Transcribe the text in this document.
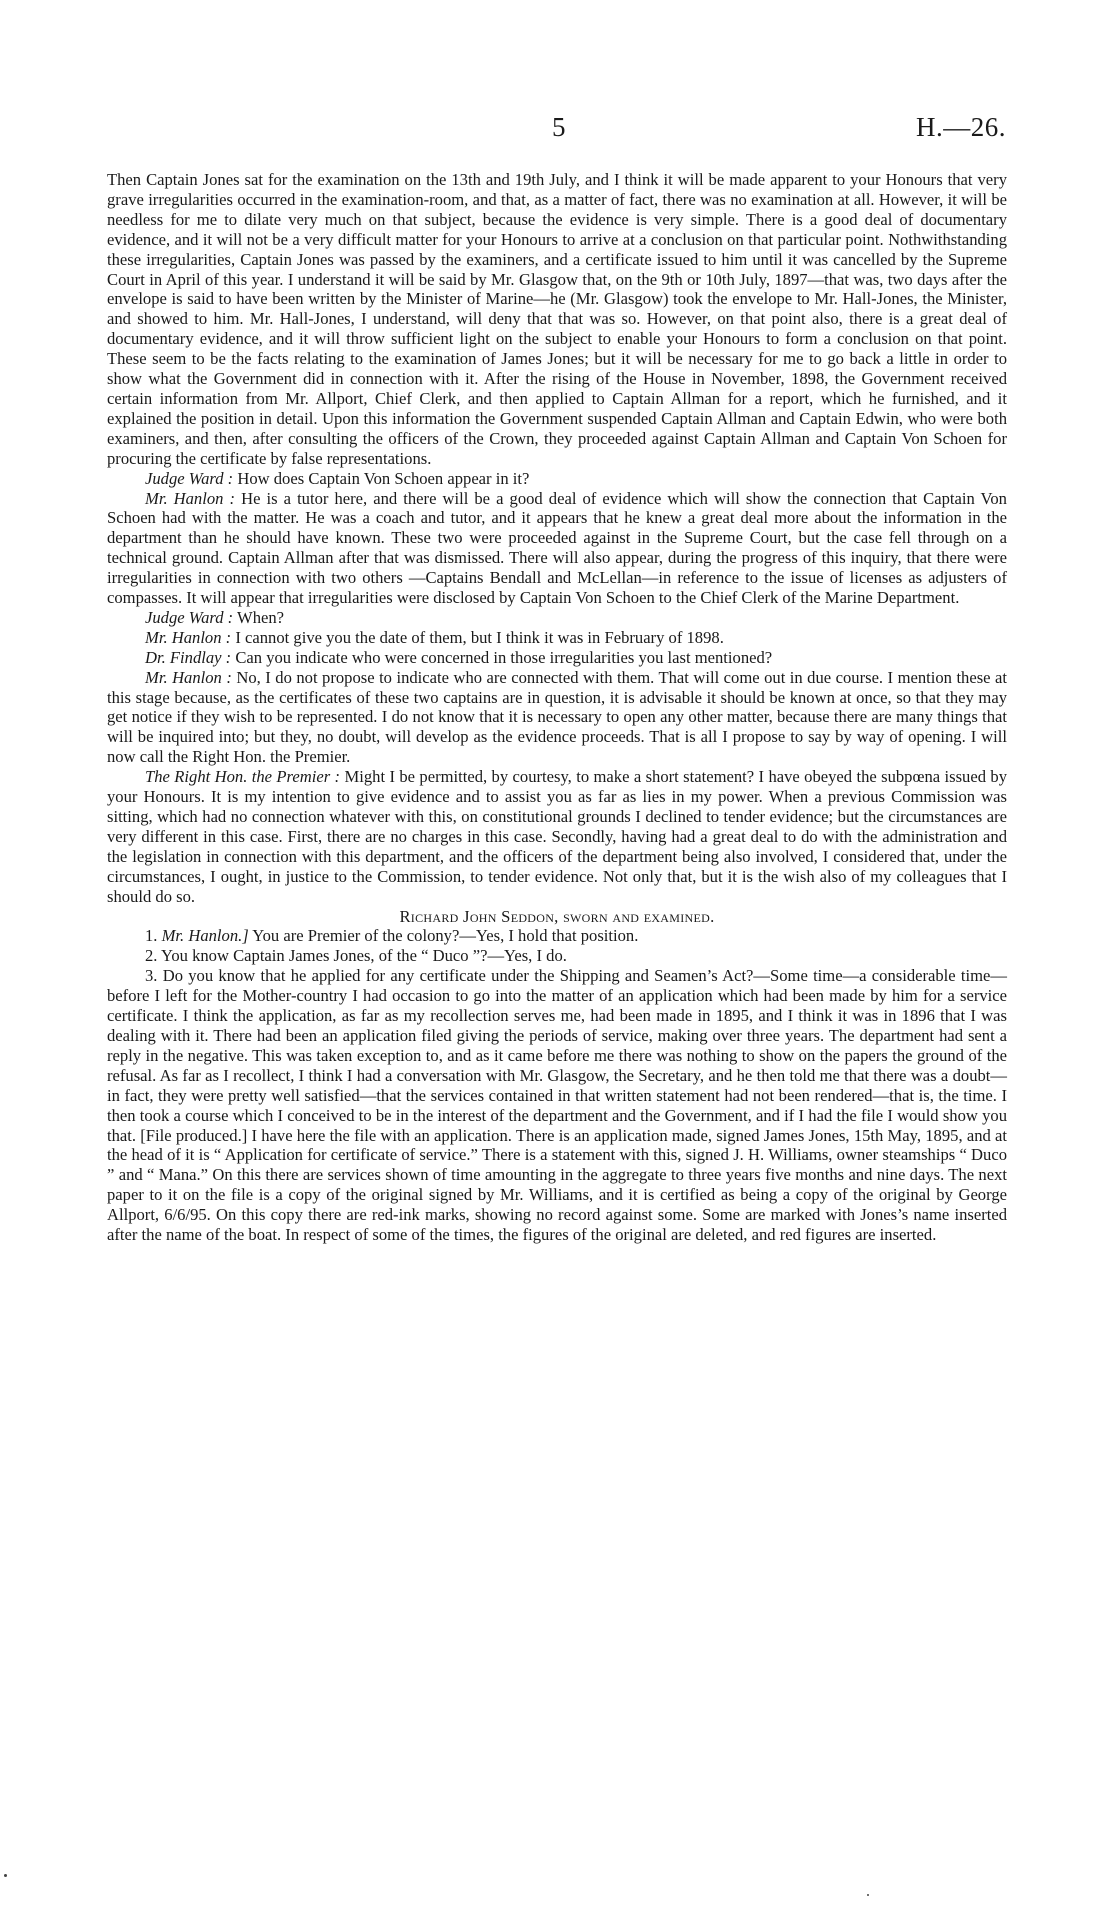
5	H.—26.

Then Captain Jones sat for the examination on the 13th and 19th July, and I think it will be made apparent to your Honours that very grave irregularities occurred in the examination-room, and that, as a matter of fact, there was no examination at all. However, it will be needless for me to dilate very much on that subject, because the evidence is very simple. There is a good deal of documentary evidence, and it will not be a very difficult matter for your Honours to arrive at a conclusion on that particular point. Nothwithstanding these irregularities, Captain Jones was passed by the examiners, and a certificate issued to him until it was cancelled by the Supreme Court in April of this year. I understand it will be said by Mr. Glasgow that, on the 9th or 10th July, 1897—that was, two days after the envelope is said to have been written by the Minister of Marine—he (Mr. Glasgow) took the envelope to Mr. Hall-Jones, the Minister, and showed to him. Mr. Hall-Jones, I understand, will deny that that was so. However, on that point also, there is a great deal of documentary evidence, and it will throw sufficient light on the subject to enable your Honours to form a conclusion on that point. These seem to be the facts relating to the examination of James Jones; but it will be necessary for me to go back a little in order to show what the Government did in connection with it. After the rising of the House in November, 1898, the Government received certain information from Mr. Allport, Chief Clerk, and then applied to Captain Allman for a report, which he furnished, and it explained the position in detail. Upon this information the Government suspended Captain Allman and Captain Edwin, who were both examiners, and then, after consulting the officers of the Crown, they proceeded against Captain Allman and Captain Von Schoen for procuring the certificate by false representations.

Judge Ward : How does Captain Von Schoen appear in it?

Mr. Hanlon : He is a tutor here, and there will be a good deal of evidence which will show the connection that Captain Von Schoen had with the matter. He was a coach and tutor, and it appears that he knew a great deal more about the information in the department than he should have known. These two were proceeded against in the Supreme Court, but the case fell through on a technical ground. Captain Allman after that was dismissed. There will also appear, during the progress of this inquiry, that there were irregularities in connection with two others —Captains Bendall and McLellan—in reference to the issue of licenses as adjusters of compasses. It will appear that irregularities were disclosed by Captain Von Schoen to the Chief Clerk of the Marine Department.

Judge Ward : When?

Mr. Hanlon : I cannot give you the date of them, but I think it was in February of 1898.

Dr. Findlay : Can you indicate who were concerned in those irregularities you last mentioned?

Mr. Hanlon : No, I do not propose to indicate who are connected with them. That will come out in due course. I mention these at this stage because, as the certificates of these two captains are in question, it is advisable it should be known at once, so that they may get notice if they wish to be represented. I do not know that it is necessary to open any other matter, because there are many things that will be inquired into; but they, no doubt, will develop as the evidence proceeds. That is all I propose to say by way of opening. I will now call the Right Hon. the Premier.

The Right Hon. the Premier : Might I be permitted, by courtesy, to make a short statement? I have obeyed the subpœna issued by your Honours. It is my intention to give evidence and to assist you as far as lies in my power. When a previous Commission was sitting, which had no connection whatever with this, on constitutional grounds I declined to tender evidence; but the circumstances are very different in this case. First, there are no charges in this case. Secondly, having had a great deal to do with the administration and the legislation in connection with this department, and the officers of the department being also involved, I considered that, under the circumstances, I ought, in justice to the Commission, to tender evidence. Not only that, but it is the wish also of my colleagues that I should do so.

Richard John Seddon, sworn and examined.

1. Mr. Hanlon.] You are Premier of the colony?—Yes, I hold that position.

2. You know Captain James Jones, of the “ Duco ”?—Yes, I do.

3. Do you know that he applied for any certificate under the Shipping and Seamen’s Act?—Some time—a considerable time—before I left for the Mother-country I had occasion to go into the matter of an application which had been made by him for a service certificate. I think the application, as far as my recollection serves me, had been made in 1895, and I think it was in 1896 that I was dealing with it. There had been an application filed giving the periods of service, making over three years. The department had sent a reply in the negative. This was taken exception to, and as it came before me there was nothing to show on the papers the ground of the refusal. As far as I recollect, I think I had a conversation with Mr. Glasgow, the Secretary, and he then told me that there was a doubt—in fact, they were pretty well satisfied—that the services contained in that written statement had not been rendered—that is, the time. I then took a course which I conceived to be in the interest of the department and the Government, and if I had the file I would show you that. [File produced.] I have here the file with an application. There is an application made, signed James Jones, 15th May, 1895, and at the head of it is “ Application for certificate of service.” There is a statement with this, signed J. H. Williams, owner steamships “ Duco ” and “ Mana.” On this there are services shown of time amounting in the aggregate to three years five months and nine days. The next paper to it on the file is a copy of the original signed by Mr. Williams, and it is certified as being a copy of the original by George Allport, 6/6/95. On this copy there are red-ink marks, showing no record against some. Some are marked with Jones’s name inserted after the name of the boat. In respect of some of the times, the figures of the original are deleted, and red figures are inserted.
